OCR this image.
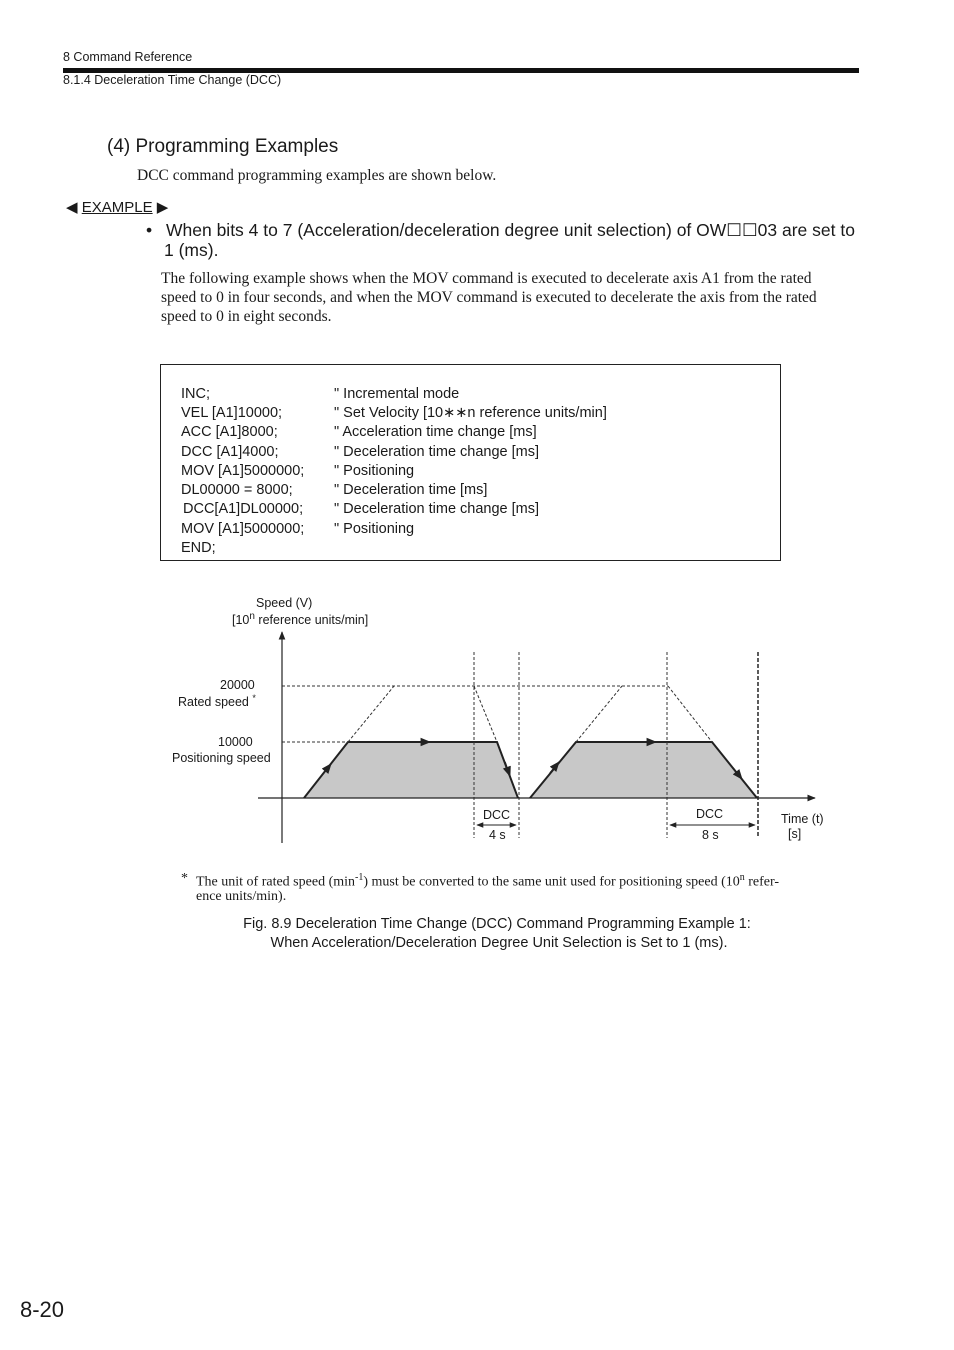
8 Command Reference
8.1.4 Deceleration Time Change (DCC)
(4) Programming Examples
DCC command programming examples are shown below.
◀ EXAMPLE ▶
• When bits 4 to 7 (Acceleration/deceleration degree unit selection) of OW☐☐03 are set to
1 (ms).
The following example shows when the MOV command is executed to decelerate axis A1 from the rated
speed to 0 in four seconds, and when the MOV command is executed to decelerate the axis from the rated
speed to 0 in eight seconds.
INC;	" Incremental mode
VEL [A1]10000;	" Set Velocity [10∗∗n reference units/min]
ACC [A1]8000;	" Acceleration time change [ms]
DCC [A1]4000;	" Deceleration time change [ms]
MOV [A1]5000000; " Positioning
DL00000 = 8000;	" Deceleration time [ms]
DCC[A1]DL00000; " Deceleration time change [ms]
MOV [A1]5000000; " Positioning
END;
Speed (V)
[10$^n$ reference units/min]
20000
Rated speed *
10000
Positioning speed
DCC
4 s
DCC
8 s
Time (t)
[s]
* The unit of rated speed $(\min^{-1})$ must be converted to the same unit used for positioning speed (10$^n$ refer-
ence units/min).
Fig. 8.9 Deceleration Time Change (DCC) Command Programming Example 1:
When Acceleration/Deceleration Degree Unit Selection is Set to 1 (ms).
8-20
